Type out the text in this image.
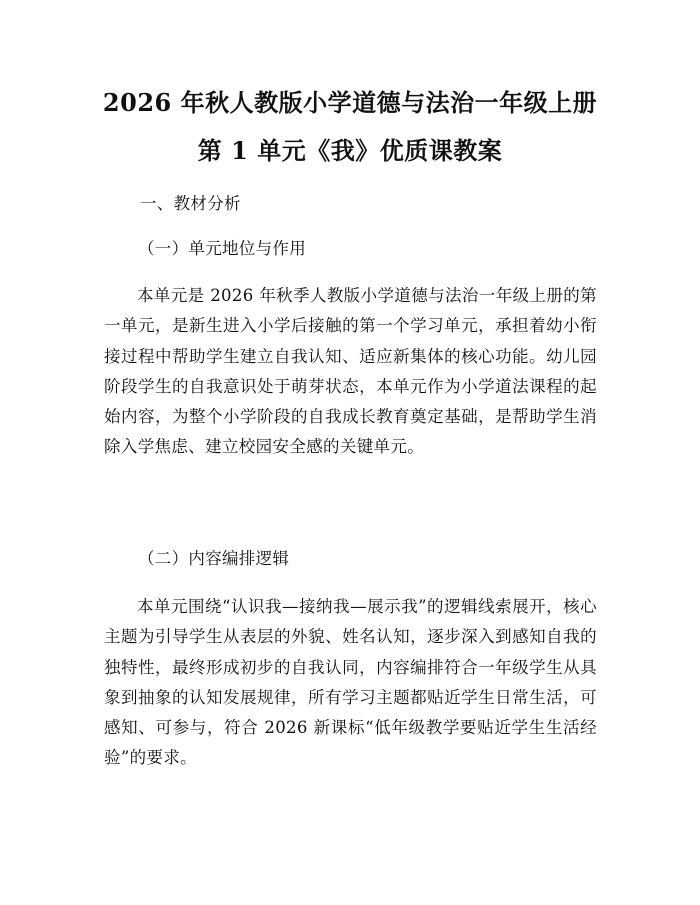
2026 年秋人教版小学道德与法治一年级上册
第 1 单元《我》优质课教案
一、教材分析
（一）单元地位与作用

本单元是 2026 年秋季人教版小学道德与法治一年级上册的第一单元，是新生进入小学后接触的第一个学习单元，承担着幼小衔接过程中帮助学生建立自我认知、适应新集体的核心功能。幼儿园阶段学生的自我意识处于萌芽状态，本单元作为小学道法课程的起始内容，为整个小学阶段的自我成长教育奠定基础，是帮助学生消除入学焦虑、建立校园安全感的关键单元。

（二）内容编排逻辑

本单元围绕“认识我—接纳我—展示我”的逻辑线索展开，核心主题为引导学生从表层的外貌、姓名认知，逐步深入到感知自我的独特性，最终形成初步的自我认同，内容编排符合一年级学生从具象到抽象的认知发展规律，所有学习主题都贴近学生日常生活，可感知、可参与，符合 2026 新课标“低年级教学要贴近学生生活经验”的要求。
